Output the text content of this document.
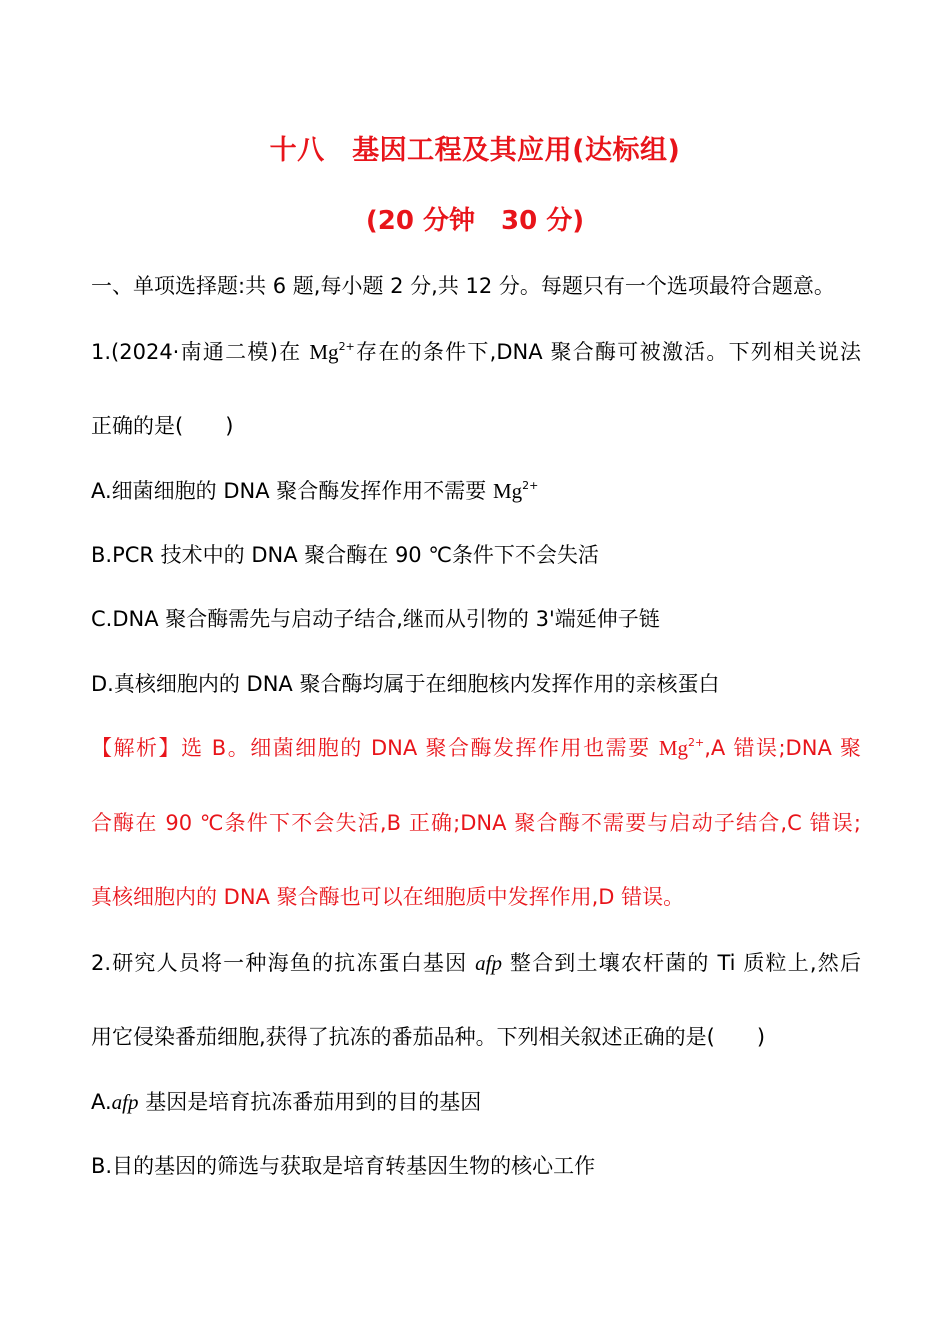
十八　基因工程及其应用(达标组)
(20 分钟　30 分)
一、单项选择题:共 6 题,每小题 2 分,共 12 分。每题只有一个选项最符合题意。
1.(2024·南通二模)在 $Mg^{2+}$存在的条件下,DNA 聚合酶可被激活。下列相关说法
正确的是(　　)
A.细菌细胞的 DNA 聚合酶发挥作用不需要 $Mg^{2+}$
B.PCR 技术中的 DNA 聚合酶在 90 ℃条件下不会失活
C.DNA 聚合酶需先与启动子结合,继而从引物的 3'端延伸子链
D.真核细胞内的 DNA 聚合酶均属于在细胞核内发挥作用的亲核蛋白
【解析】选 B。细菌细胞的 DNA 聚合酶发挥作用也需要 $Mg^{2+},A$ 错误;DNA 聚
合酶在 90 ℃条件下不会失活,B 正确;DNA 聚合酶不需要与启动子结合,C 错误;
真核细胞内的 DNA 聚合酶也可以在细胞质中发挥作用,D 错误。
2.研究人员将一种海鱼的抗冻蛋白基因 afp 整合到土壤农杆菌的 Ti 质粒上,然后
用它侵染番茄细胞,获得了抗冻的番茄品种。下列相关叙述正确的是(　　)
A.afp 基因是培育抗冻番茄用到的目的基因
B.目的基因的筛选与获取是培育转基因生物的核心工作
